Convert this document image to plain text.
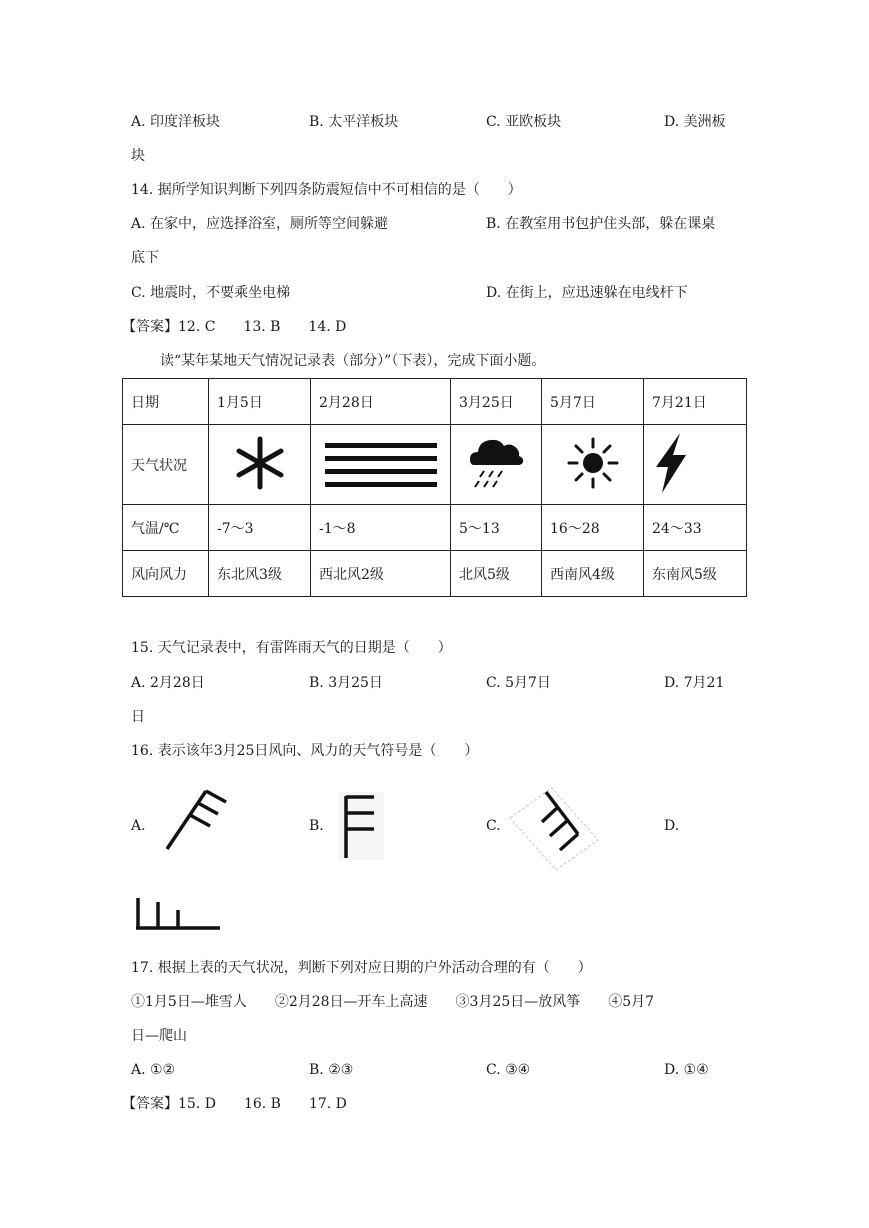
A. 印度洋板块	B. 太平洋板块	C. 亚欧板块	D. 美洲板
块
14. 据所学知识判断下列四条防震短信中不可相信的是（　　）
A. 在家中，应选择浴室，厕所等空间躲避	B. 在教室用书包护住头部，躲在课桌
底下
C. 地震时，不要乘坐电梯	D. 在街上，应迅速躲在电线杆下
【答案】12. C　　13. B　　14. D
读“某年某地天气情况记录表（部分）”（下表），完成下面小题。
日期	1月5日	2月28日	3月25日	5月7日	7月21日
天气状况					
气温/℃	-7～3	-1～8	5～13	16～28	24～33
风向风力	东北风3级	西北风2级	北风5级	西南风4级	东南风5级
15. 天气记录表中，有雷阵雨天气的日期是（　　）
A. 2月28日	B. 3月25日	C. 5月7日	D. 7月21
日
16. 表示该年3月25日风向、风力的天气符号是（　　）
A.	B.	C.	D.
17. 根据上表的天气状况，判断下列对应日期的户外活动合理的有（　　）
①1月5日—堆雪人　　②2月28日—开车上高速　　③3月25日—放风筝　　④5月7
日—爬山
A. ①②	B. ②③	C. ③④	D. ①④
【答案】15. D　　16. B　　17. D
